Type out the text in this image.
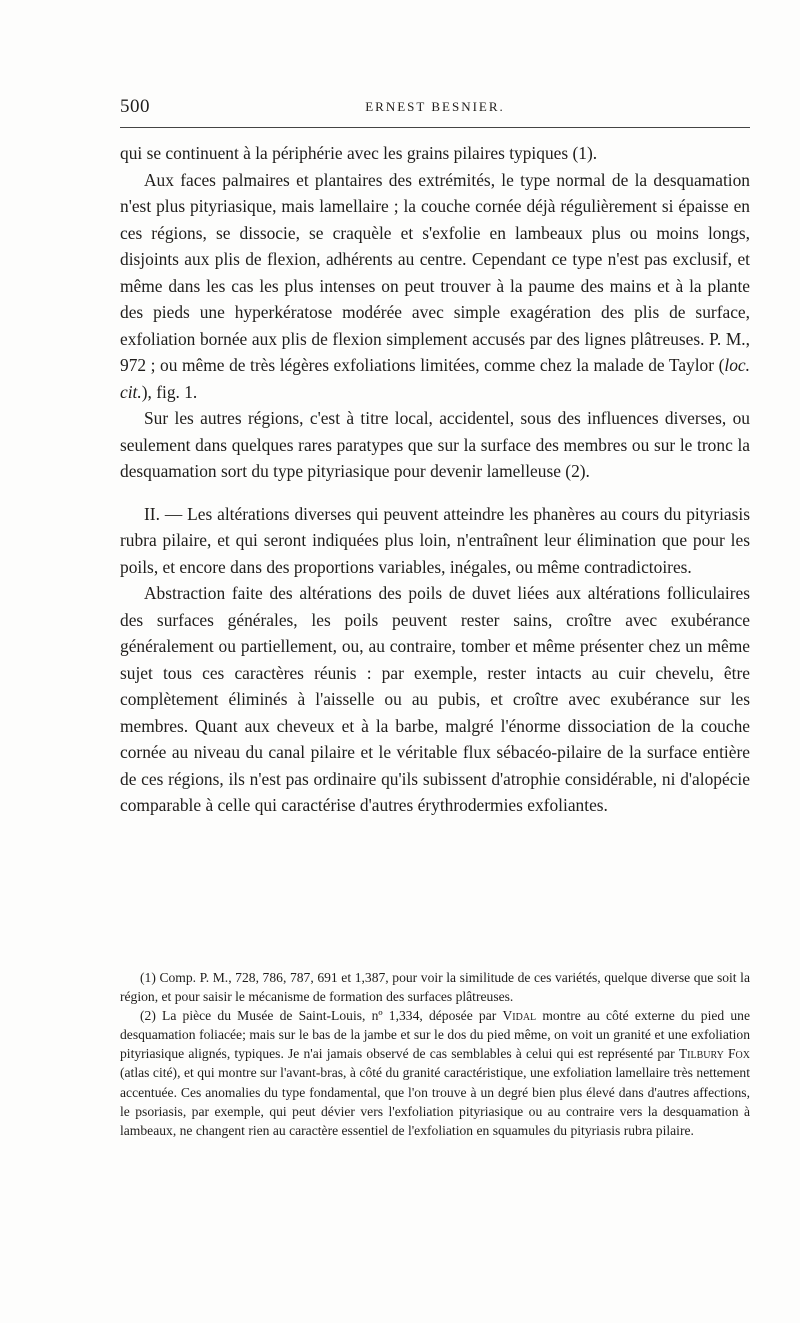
500	ERNEST BESNIER.

qui se continuent à la périphérie avec les grains pilaires typiques (1).

Aux faces palmaires et plantaires des extrémités, le type normal de la desquamation n'est plus pityriasique, mais lamellaire ; la couche cornée déjà régulièrement si épaisse en ces régions, se dissocie, se craquèle et s'exfolie en lambeaux plus ou moins longs, disjoints aux plis de flexion, adhérents au centre. Cependant ce type n'est pas exclusif, et même dans les cas les plus intenses on peut trouver à la paume des mains et à la plante des pieds une hyperkératose modérée avec simple exagération des plis de surface, exfoliation bornée aux plis de flexion simplement accusés par des lignes plâtreuses. P. M., 972 ; ou même de très légères exfoliations limitées, comme chez la malade de Taylor (loc. cit.), fig. 1.

Sur les autres régions, c'est à titre local, accidentel, sous des influences diverses, ou seulement dans quelques rares paratypes que sur la surface des membres ou sur le tronc la desquamation sort du type pityriasique pour devenir lamelleuse (2).

II. — Les altérations diverses qui peuvent atteindre les phanères au cours du pityriasis rubra pilaire, et qui seront indiquées plus loin, n'entraînent leur élimination que pour les poils, et encore dans des proportions variables, inégales, ou même contradictoires.

Abstraction faite des altérations des poils de duvet liées aux altérations folliculaires des surfaces générales, les poils peuvent rester sains, croître avec exubérance généralement ou partiellement, ou, au contraire, tomber et même présenter chez un même sujet tous ces caractères réunis : par exemple, rester intacts au cuir chevelu, être complètement éliminés à l'aisselle ou au pubis, et croître avec exubérance sur les membres. Quant aux cheveux et à la barbe, malgré l'énorme dissociation de la couche cornée au niveau du canal pilaire et le véritable flux sébacéo-pilaire de la surface entière de ces régions, ils n'est pas ordinaire qu'ils subissent d'atrophie considérable, ni d'alopécie comparable à celle qui caractérise d'autres érythrodermies exfoliantes.

(1) Comp. P. M., 728, 786, 787, 691 et 1,387, pour voir la similitude de ces variétés, quelque diverse que soit la région, et pour saisir le mécanisme de formation des surfaces plâtreuses.

(2) La pièce du Musée de Saint-Louis, nº 1,334, déposée par Vidal montre au côté externe du pied une desquamation foliacée; mais sur le bas de la jambe et sur le dos du pied même, on voit un granité et une exfoliation pityriasique alignés, typiques. Je n'ai jamais observé de cas semblables à celui qui est représenté par Tilbury Fox (atlas cité), et qui montre sur l'avant-bras, à côté du granité caractéristique, une exfoliation lamellaire très nettement accentuée. Ces anomalies du type fondamental, que l'on trouve à un degré bien plus élevé dans d'autres affections, le psoriasis, par exemple, qui peut dévier vers l'exfoliation pityriasique ou au contraire vers la desquamation à lambeaux, ne changent rien au caractère essentiel de l'exfoliation en squamules du pityriasis rubra pilaire.
